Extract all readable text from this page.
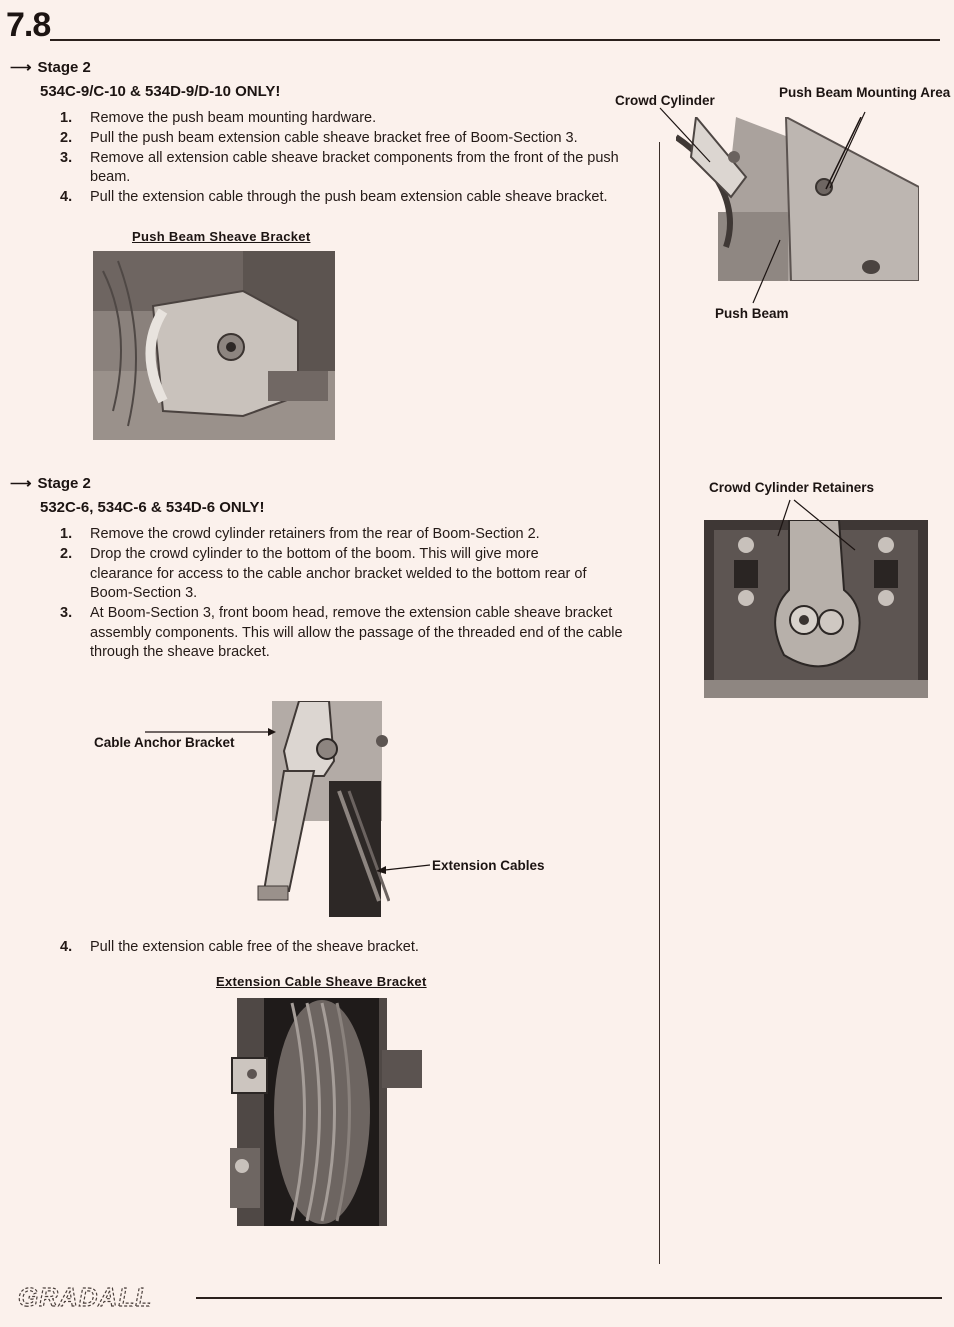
7.8
⟶ Stage 2
534C-9/C-10 & 534D-9/D-10 ONLY!
1. Remove the push beam mounting hardware.
2. Pull the push beam extension cable sheave bracket free of Boom-Section 3.
3. Remove all extension cable sheave bracket components from the front of the push
beam.
4. Pull the extension cable through the push beam extension cable sheave bracket.
Push Beam Sheave Bracket
Crowd Cylinder
Push Beam Mounting Area
Push Beam
⟶ Stage 2
532C-6, 534C-6 & 534D-6 ONLY!
1. Remove the crowd cylinder retainers from the rear of Boom-Section 2.
2. Drop the crowd cylinder to the bottom of the boom. This will give more
clearance for access to the cable anchor bracket welded to the bottom rear of
Boom-Section 3.
3. At Boom-Section 3, front boom head, remove the extension cable sheave bracket
assembly components. This will allow the passage of the threaded end of the cable
through the sheave bracket.
Crowd Cylinder Retainers
Cable Anchor Bracket
Extension Cables
4. Pull the extension cable free of the sheave bracket.
Extension Cable Sheave Bracket
GRADALL
